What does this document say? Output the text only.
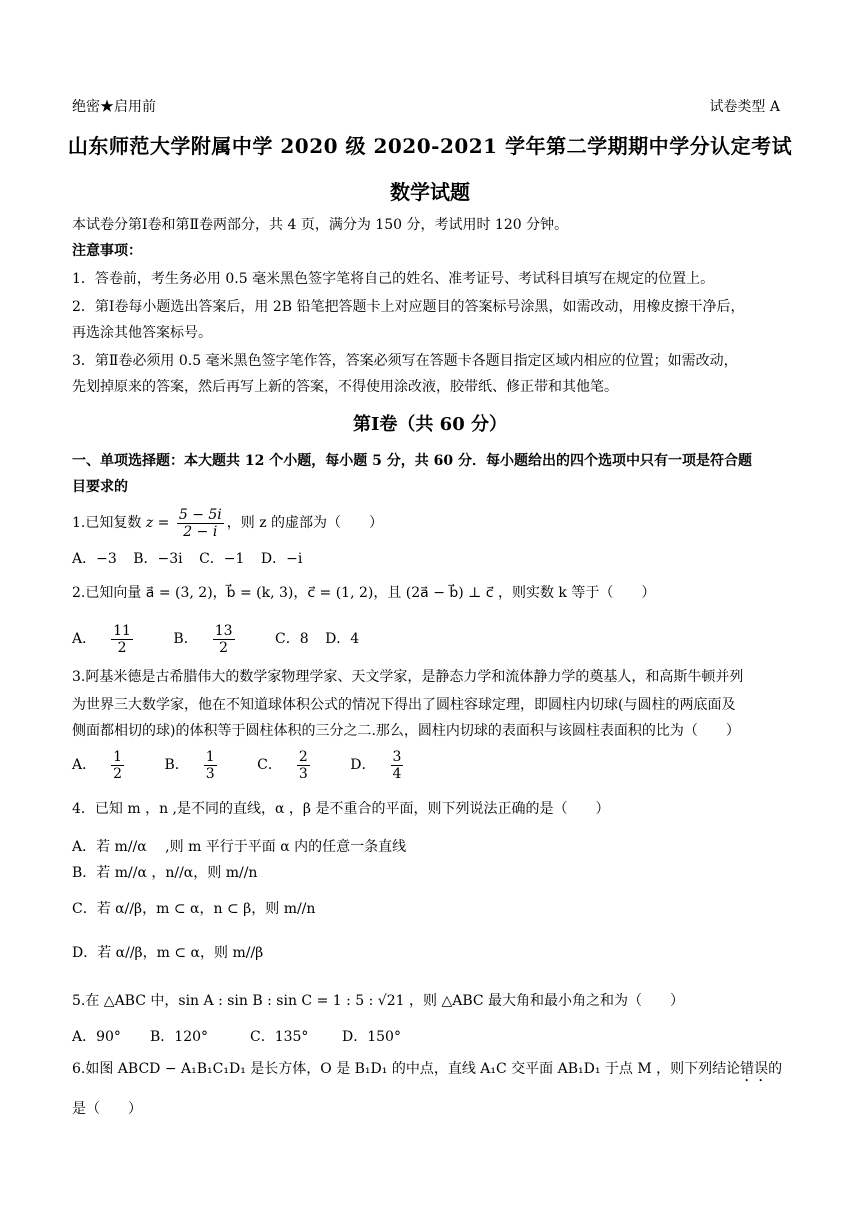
绝密★启用前	试卷类型 A
山东师范大学附属中学 2020 级 2020-2021 学年第二学期期中学分认定考试
数学试题
本试卷分第Ⅰ卷和第Ⅱ卷两部分，共 4 页，满分为 150 分，考试用时 120 分钟。
注意事项：
1．答卷前，考生务必用 0.5 毫米黑色签字笔将自己的姓名、准考证号、考试科目填写在规定的位置上。
2．第Ⅰ卷每小题选出答案后，用 2B 铅笔把答题卡上对应题目的答案标号涂黑，如需改动，用橡皮擦干净后，
再选涂其他答案标号。
3．第Ⅱ卷必须用 0.5 毫米黑色签字笔作答，答案必须写在答题卡各题目指定区域内相应的位置；如需改动，
先划掉原来的答案，然后再写上新的答案，不得使用涂改液，胶带纸、修正带和其他笔。
第Ⅰ卷（共 60 分）
一、单项选择题：本大题共 12 个小题，每小题 5 分，共 60 分．每小题给出的四个选项中只有一项是符合题
目要求的
1.已知复数 $z = \frac{5 - 5i}{2 - i}$ ，则 z 的虚部为（　　）
A．−3 B．−3i C．−1 D．−i
2.已知向量 a⃗ = (3, 2)，b⃗ = (k, 3)，c⃗ = (1, 2)，且 (2a⃗ − b⃗) ⊥ c⃗ ，则实数 k 等于（　　）
A． $\frac{11}{2}$ B． $\frac{13}{2}$ C．8 D．4
3.阿基米德是古希腊伟大的数学家物理学家、天文学家，是静态力学和流体静力学的奠基人，和高斯牛顿并列
为世界三大数学家，他在不知道球体积公式的情况下得出了圆柱容球定理，即圆柱内切球(与圆柱的两底面及
侧面都相切的球)的体积等于圆柱体积的三分之二.那么，圆柱内切球的表面积与该圆柱表面积的比为（　　）
A． $\frac{1}{2}$ B． $\frac{1}{3}$ C． $\frac{2}{3}$ D． $\frac{3}{4}$
4．已知 m ，n ,是不同的直线，α ，β 是不重合的平面，则下列说法正确的是（　　）
A．若 m//α 　,则 m 平行于平面 α 内的任意一条直线
B．若 m//α ，n//α，则 m//n
C．若 α//β，m ⊂ α，n ⊂ β，则 m//n
D．若 α//β，m ⊂ α，则 m//β
5.在 △ABC 中，sin A : sin B : sin C = 1 : 5 : √21 ，则 △ABC 最大角和最小角之和为（　　）
A．90° B．120°	C．135° D．150°
6.如图 ABCD − A₁B₁C₁D₁ 是长方体，O 是 B₁D₁ 的中点，直线 A₁C 交平面 AB₁D₁ 于点 M ，则下列结论错误的
是（　　）
